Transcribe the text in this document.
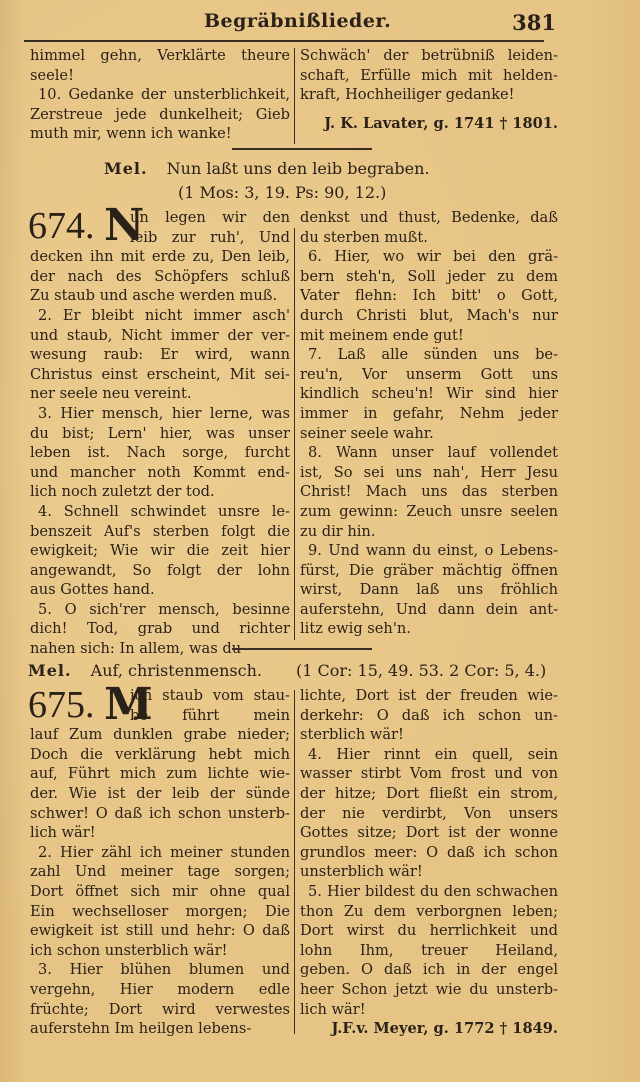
Begräbnißlieder.	381
himmel gehn, Verklärte theure
seele!
10. Gedanke der unsterblichkeit,
Zerstreue jede dunkelheit; Gieb
muth mir, wenn ich wanke!
Schwäch' der betrübniß leiden-
schaft, Erfülle mich mit helden-
kraft, Hochheiliger gedanke!
J. K. Lavater, g. 1741 † 1801.
Mel. Nun laßt uns den leib begraben.
(1 Mos: 3, 19. Ps: 90, 12.)
674. N
un legen wir den
leib zur ruh', Und
decken ihn mit erde zu, Den leib,
der nach des Schöpfers schluß
Zu staub und asche werden muß.
2. Er bleibt nicht immer asch'
und staub, Nicht immer der ver-
wesung raub: Er wird, wann
Christus einst erscheint, Mit sei-
ner seele neu vereint.
3. Hier mensch, hier lerne, was
du bist; Lern' hier, was unser
leben ist. Nach sorge, furcht
und mancher noth Kommt end-
lich noch zuletzt der tod.
4. Schnell schwindet unsre le-
benszeit Auf's sterben folgt die
ewigkeit; Wie wir die zeit hier
angewandt, So folgt der lohn
aus Gottes hand.
5. O sich'rer mensch, besinne
dich! Tod, grab und richter
nahen sich: In allem, was du
denkst und thust, Bedenke, daß
du sterben mußt.
6. Hier, wo wir bei den grä-
bern steh'n, Soll jeder zu dem
Vater flehn: Ich bitt' o Gott,
durch Christi blut, Mach's nur
mit meinem ende gut!
7. Laß alle sünden uns be-
reu'n, Vor unserm Gott uns
kindlich scheu'n! Wir sind hier
immer in gefahr, Nehm jeder
seiner seele wahr.
8. Wann unser lauf vollendet
ist, So sei uns nah', Herr Jesu
Christ! Mach uns das sterben
zum gewinn: Zeuch unsre seelen
zu dir hin.
9. Und wann du einst, o Lebens-
fürst, Die gräber mächtig öffnen
wirst, Dann laß uns fröhlich
auferstehn, Und dann dein ant-
litz ewig seh'n.
Mel. Auf, christenmensch. (1 Cor: 15, 49. 53. 2 Cor: 5, 4.)
675. M
ich staub vom stau-
be führt mein
lauf Zum dunklen grabe nieder;
Doch die verklärung hebt mich
auf, Führt mich zum lichte wie-
der. Wie ist der leib der sünde
schwer! O daß ich schon unsterb-
lich wär!
2. Hier zähl ich meiner stunden
zahl Und meiner tage sorgen;
Dort öffnet sich mir ohne qual
Ein wechselloser morgen; Die
ewigkeit ist still und hehr: O daß
ich schon unsterblich wär!
3. Hier blühen blumen und
vergehn, Hier modern edle
früchte; Dort wird verwestes
auferstehn Im heilgen lebens-
lichte, Dort ist der freuden wie-
derkehr: O daß ich schon un-
sterblich wär!
4. Hier rinnt ein quell, sein
wasser stirbt Vom frost und von
der hitze; Dort fließt ein strom,
der nie verdirbt, Von unsers
Gottes sitze; Dort ist der wonne
grundlos meer: O daß ich schon
unsterblich wär!
5. Hier bildest du den schwachen
thon Zu dem verborgnen leben;
Dort wirst du herrlichkeit und
lohn Ihm, treuer Heiland,
geben. O daß ich in der engel
heer Schon jetzt wie du unsterb-
lich wär!
J.F.v. Meyer, g. 1772 † 1849.
